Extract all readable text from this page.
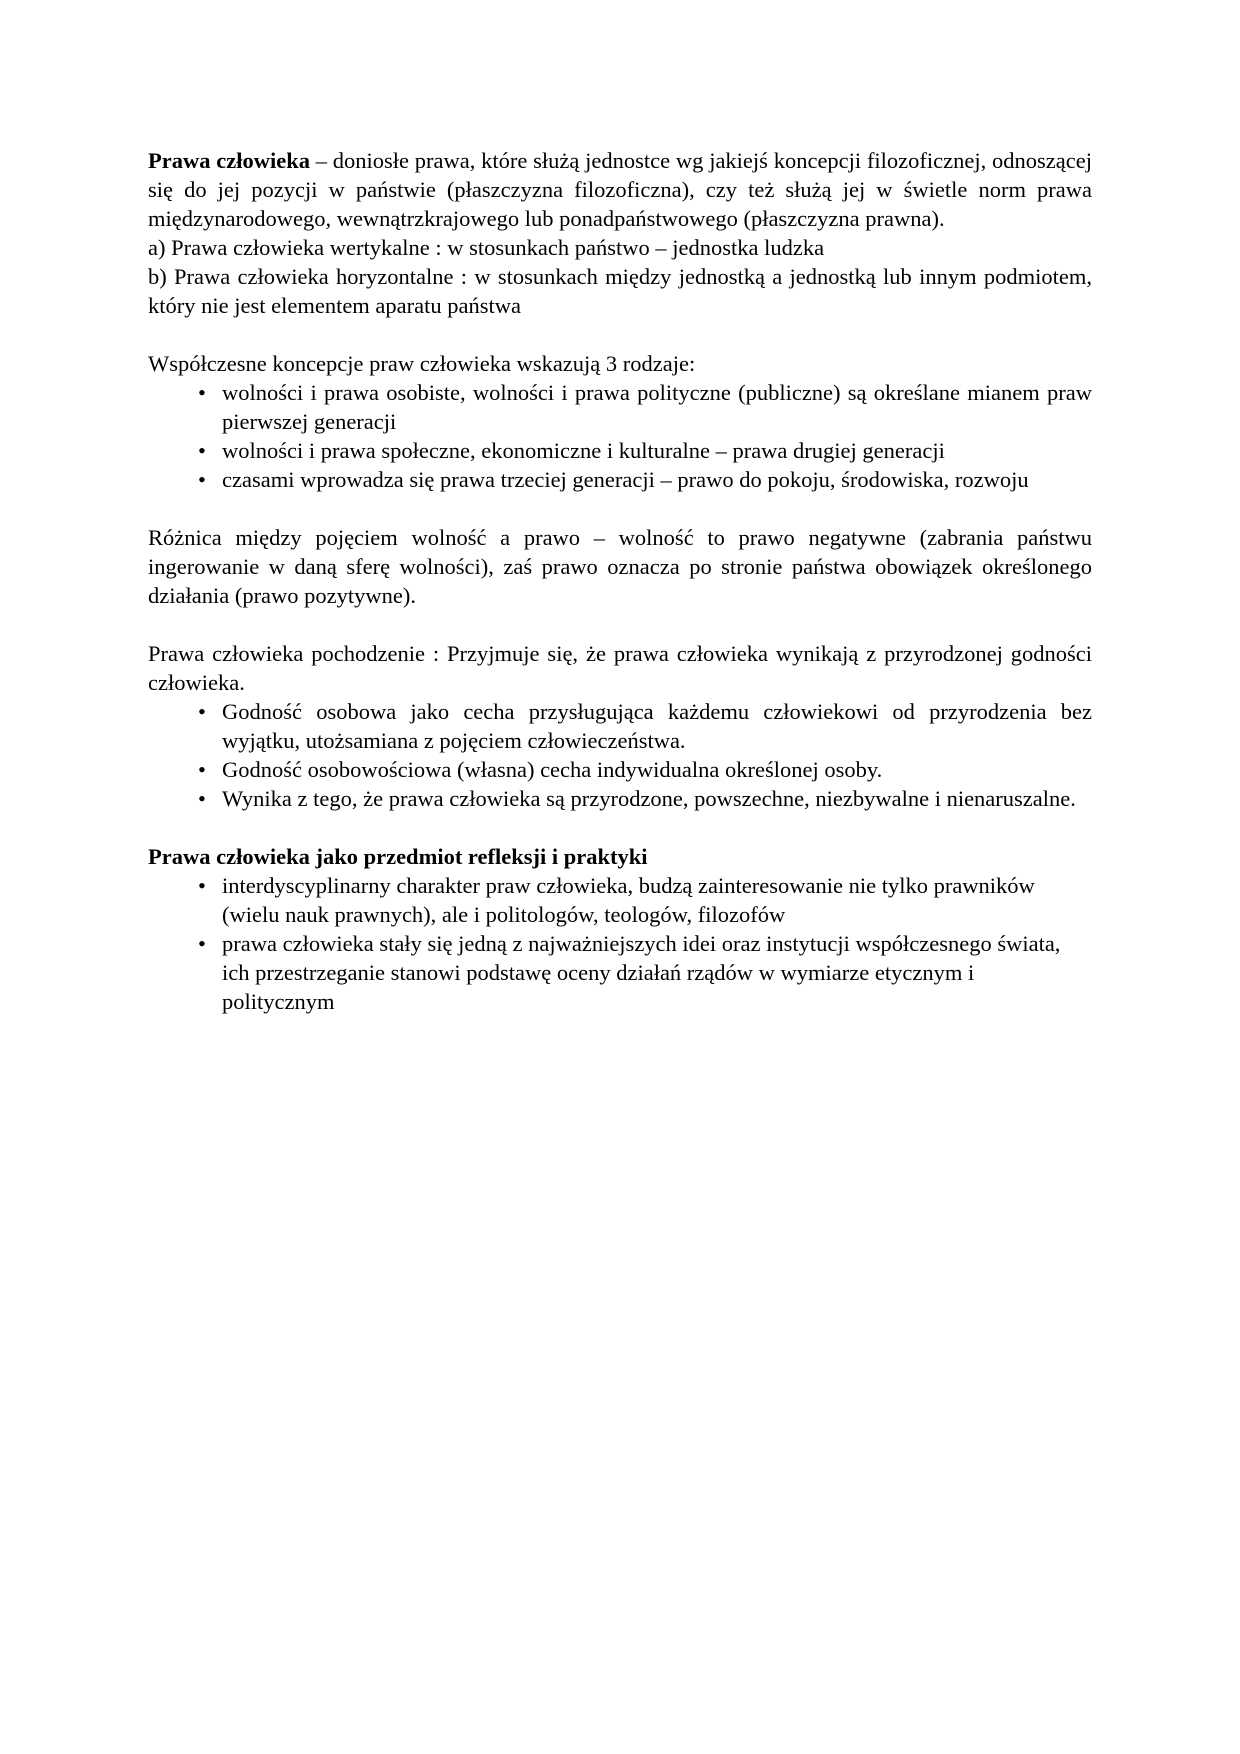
Prawa człowieka – doniosłe prawa, które służą jednostce wg jakiejś koncepcji filozoficznej, odnoszącej się do jej pozycji w państwie (płaszczyzna filozoficzna), czy też służą jej w świetle norm prawa międzynarodowego, wewnątrzkrajowego lub ponadpaństwowego (płaszczyzna prawna).

a) Prawa człowieka wertykalne : w stosunkach państwo – jednostka ludzka

b) Prawa człowieka horyzontalne : w stosunkach między jednostką a jednostką lub innym podmiotem, który nie jest elementem aparatu państwa

Współczesne koncepcje praw człowieka wskazują 3 rodzaje:

• wolności i prawa osobiste, wolności i prawa polityczne (publiczne) są określane mianem praw pierwszej generacji
• wolności i prawa społeczne, ekonomiczne i kulturalne – prawa drugiej generacji
• czasami wprowadza się prawa trzeciej generacji – prawo do pokoju, środowiska, rozwoju

Różnica między pojęciem wolność a prawo – wolność to prawo negatywne (zabrania państwu ingerowanie w daną sferę wolności), zaś prawo oznacza po stronie państwa obowiązek określonego działania (prawo pozytywne).

Prawa człowieka pochodzenie : Przyjmuje się, że prawa człowieka wynikają z przyrodzonej godności człowieka.

• Godność osobowa jako cecha przysługująca każdemu człowiekowi od przyrodzenia bez wyjątku, utożsamiana z pojęciem człowieczeństwa.
• Godność osobowościowa (własna) cecha indywidualna określonej osoby.
• Wynika z tego, że prawa człowieka są przyrodzone, powszechne, niezbywalne i nienaruszalne.

Prawa człowieka jako przedmiot refleksji i praktyki

• interdyscyplinarny charakter praw człowieka, budzą zainteresowanie nie tylko prawników (wielu nauk prawnych), ale i politologów, teologów, filozofów
• prawa człowieka stały się jedną z najważniejszych idei oraz instytucji współczesnego świata, ich przestrzeganie stanowi podstawę oceny działań rządów w wymiarze etycznym i politycznym
